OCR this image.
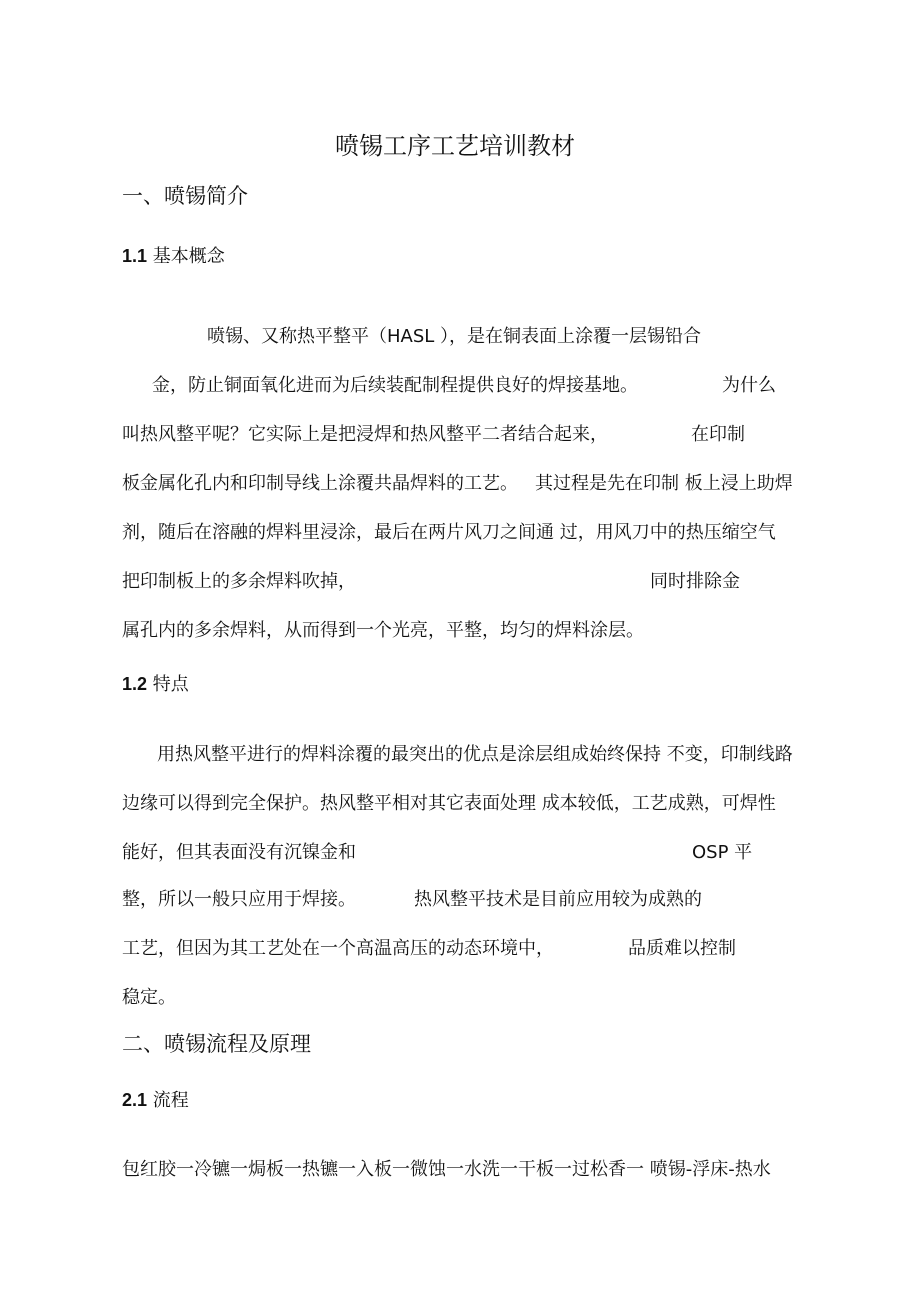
喷锡工序工艺培训教材
一、喷锡简介
1.1 基本概念
喷锡、又称热平整平（HASL ），是在铜表面上涂覆一层锡铅合
金，防止铜面氧化进而为后续装配制程提供良好的焊接基地。	为什么
叫热风整平呢？它实际上是把浸焊和热风整平二者结合起来，	在印制
板金属化孔内和印制导线上涂覆共晶焊料的工艺。 其过程是先在印制 板上浸上助焊
剂，随后在溶融的焊料里浸涂，最后在两片风刀之间通 过，用风刀中的热压缩空气
把印制板上的多余焊料吹掉，	同时排除金
属孔内的多余焊料，从而得到一个光亮，平整，均匀的焊料涂层。
1.2 特点
用热风整平进行的焊料涂覆的最突出的优点是涂层组成始终保持 不变，印制线路
边缘可以得到完全保护。热风整平相对其它表面处理 成本较低，工艺成熟，可焊性
能好，但其表面没有沉镍金和	OSP 平
整，所以一般只应用于焊接。	热风整平技术是目前应用较为成熟的
工艺，但因为其工艺处在一个高温高压的动态环境中，	品质难以控制
稳定。
二、喷锡流程及原理
2.1 流程
包红胶一冷镳一焗板一热镳一入板一微蚀一水洗一干板一过松香一 喷锡-浮床-热水
